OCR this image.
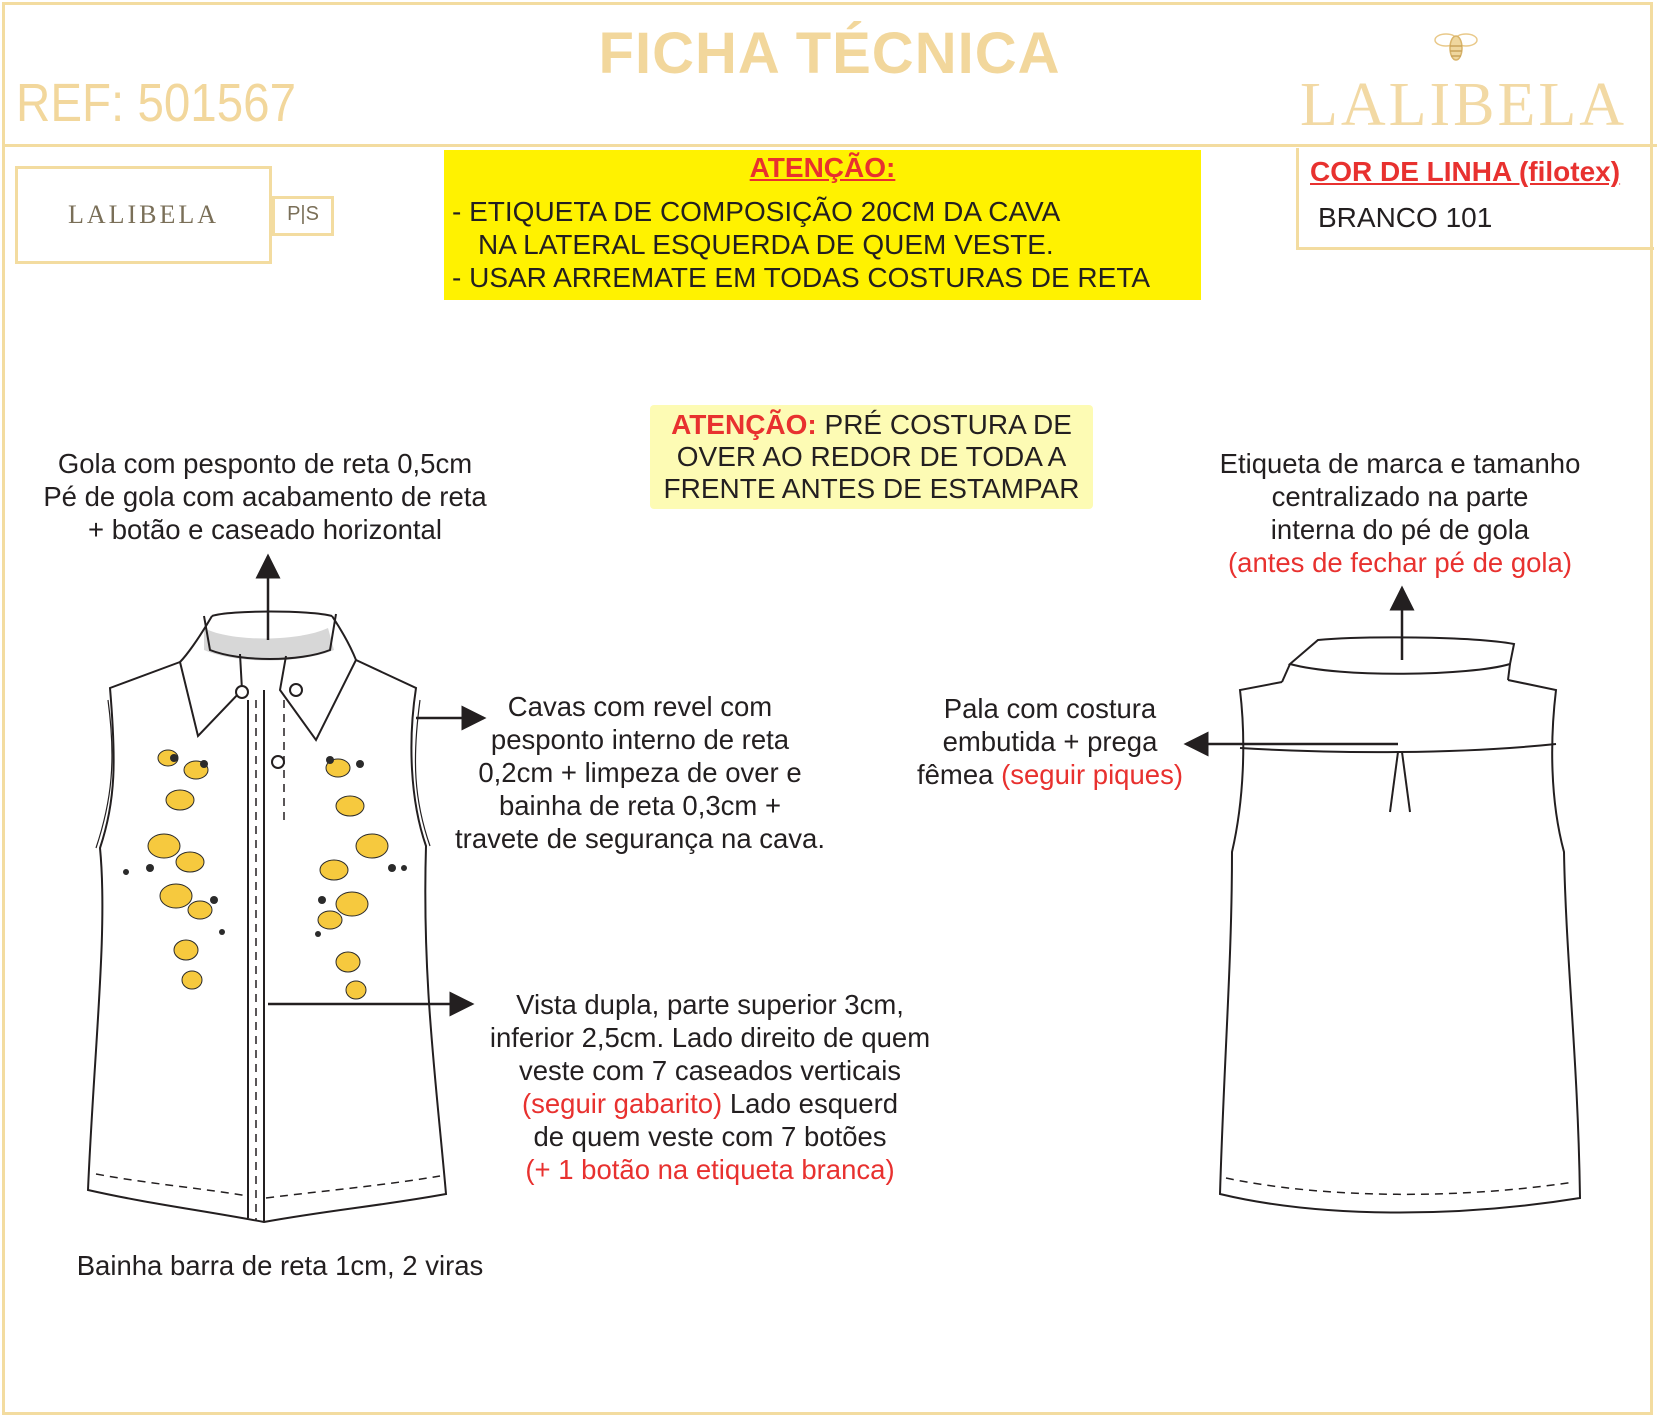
FICHA TÉCNICA
REF: 501567	LALIBELA
LALIBELA	P|S
ATENÇÃO:
- ETIQUETA DE COMPOSIÇÃO 20CM DA CAVA
NA LATERAL ESQUERDA DE QUEM VESTE.
- USAR ARREMATE EM TODAS COSTURAS DE RETA
COR DE LINHA (filotex)
BRANCO 101
ATENÇÃO: PRÉ COSTURA DE
OVER AO REDOR DE TODA A
FRENTE ANTES DE ESTAMPAR
Gola com pesponto de reta 0,5cm
Pé de gola com acabamento de reta
+ botão e caseado horizontal
Cavas com revel com
pesponto interno de reta
0,2cm + limpeza de over e
bainha de reta 0,3cm +
travete de segurança na cava.
Vista dupla, parte superior 3cm,
inferior 2,5cm. Lado direito de quem
veste com 7 caseados verticais
(seguir gabarito) Lado esquerd
de quem veste com 7 botões
(+ 1 botão na etiqueta branca)
Bainha barra de reta 1cm, 2 viras
Etiqueta de marca e tamanho
centralizado na parte
interna do pé de gola
(antes de fechar pé de gola)
Pala com costura
embutida + prega
fêmea (seguir piques)
